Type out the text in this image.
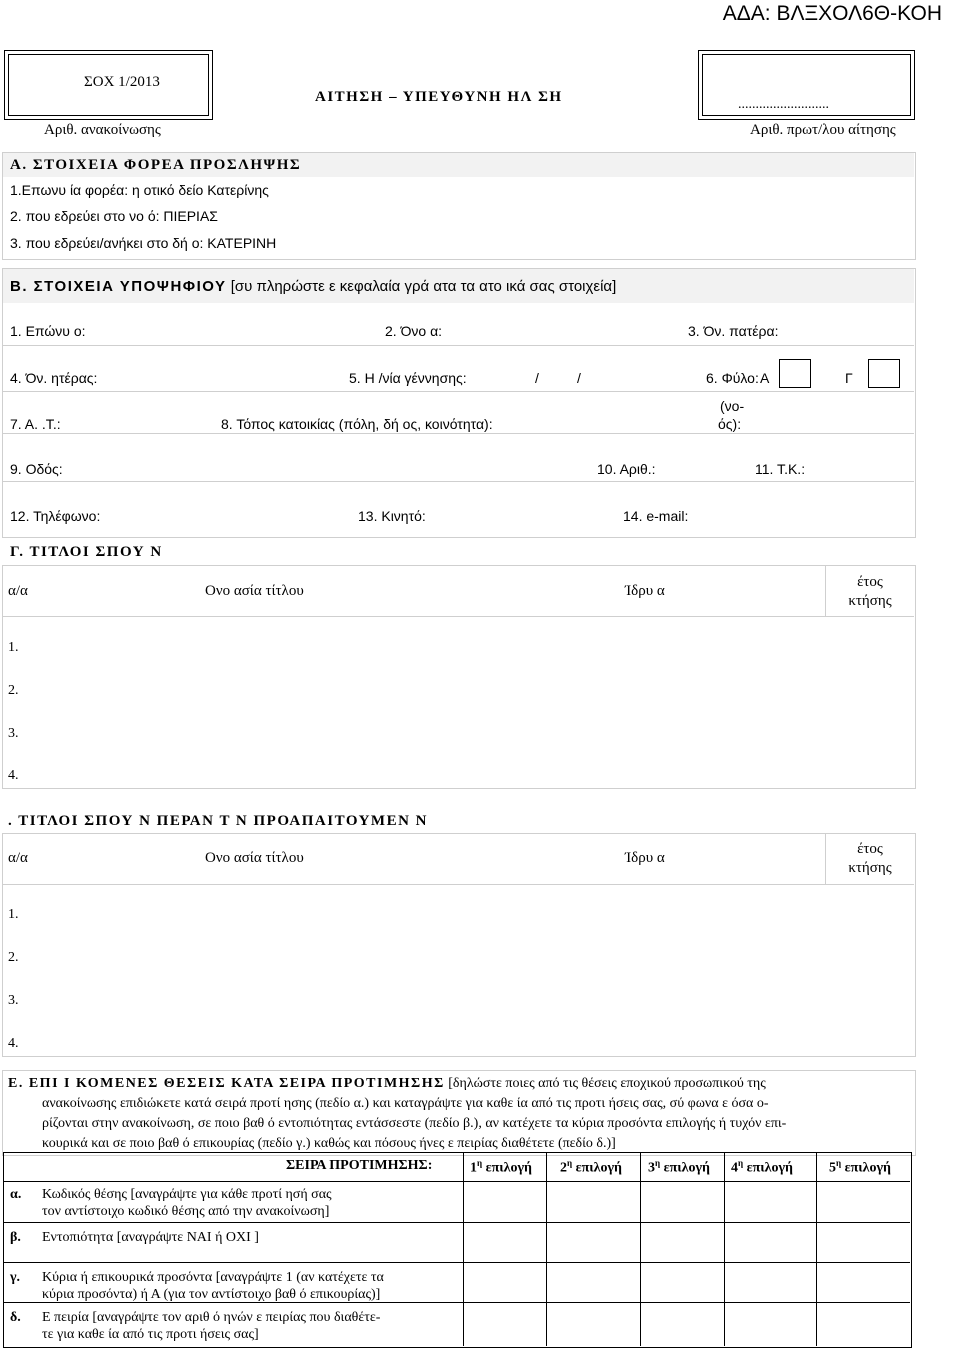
ΑΔΑ: ΒΛΞΧΟΛ6Θ-ΚΟΗ
ΣΟΧ 1/2013
Αριθ. ανακοίνωσης
ΑΙΤΗΣΗ – ΥΠΕΥΘΥΝΗ ΗΛ ΣΗ	..........................
Αριθ. πρωτ/λου αίτησης
Α. ΣΤΟΙΧΕΙΑ ΦΟΡΕΑ ΠΡΟΣΛΗΨΗΣ
1.Επωνυ ία φορέα: η οτικό δείο Κατερίνης
2. που εδρεύει στο νο ό: ΠΙΕΡΙΑΣ
3. που εδρεύει/ανήκει στο δή ο: ΚΑΤΕΡΙΝΗ
Β. ΣΤΟΙΧΕΙΑ ΥΠΟΨΗΦΙΟΥ [συ πληρώστε ε κεφαλαία γρά ατα τα ατο ικά σας στοιχεία]
1. Επώνυ ο:	2. Όνο α:	3. Όν. πατέρα:
4. Όν. ητέρας:	5. Η /νία γέννησης:	/	/	6. Φύλο: Α	Γ
7. Α. .Τ.:	8. Τόπος κατοικίας (πόλη, δή ος, κοινότητα):
(νο-
ός):
9. Οδός:	10. Αριθ.:	11. Τ.Κ.:
12. Τηλέφωνο:	13. Κινητό:	14. e-mail:
Γ. ΤΙΤΛΟΙ ΣΠΟΥ Ν
α/α	Ονο ασία τίτλου	Ίδρυ α
έτος
κτήσης
1.
2.
3.
4.
. ΤΙΤΛΟΙ ΣΠΟΥ Ν ΠΕΡΑΝ Τ Ν ΠΡΟΑΠΑΙΤΟΥΜΕΝ Ν
α/α	Ονο ασία τίτλου	Ίδρυ α
έτος
κτήσης
1.
2.
3.
4.
Ε. ΕΠΙ Ι ΚΟΜΕΝΕΣ ΘΕΣΕΙΣ ΚΑΤΑ ΣΕΙΡΑ ΠΡΟΤΙΜΗΣΗΣ [δηλώστε ποιες από τις θέσεις εποχικού προσωπικού της
ανακοίνωσης επιδιώκετε κατά σειρά προτί ησης (πεδίο α.) και καταγράψτε για καθε ία από τις προτι ήσεις σας, σύ φωνα ε όσα ο-
ρίζονται στην ανακοίνωση, σε ποιο βαθ ό εντοπιότητας εντάσσεστε (πεδίο β.), αν κατέχετε τα κύρια προσόντα επιλογής ή τυχόν επι-
κουρικά και σε ποιο βαθ ό επικουρίας (πεδίο γ.) καθώς και πόσους ήνες ε πειρίας διαθέτετε (πεδίο δ.)]
ΣΕΙΡΑ ΠΡΟΤΙΜΗΣΗΣ:	$1^\eta$ επιλογή $2^\eta$ επιλογή $3^\eta$ επιλογή $4^\eta$ επιλογή	$5^\eta$ επιλογή
α. Κωδικός θέσης [αναγράψτε για κάθε προτί ησή σας
τον αντίστοιχο κωδικό θέσης από την ανακοίνωση]
β. Εντοπιότητα [αναγράψτε ΝΑΙ ή ΟΧΙ ]
γ. Κύρια ή επικουρικά προσόντα [αναγράψτε 1 (αν κατέχετε τα
κύρια προσόντα) ή Α (για τον αντίστοιχο βαθ ό επικουρίας)]
δ. Ε πειρία [αναγράψτε τον αριθ ό ηνών ε πειρίας που διαθέτε-
τε για καθε ία από τις προτι ήσεις σας]
